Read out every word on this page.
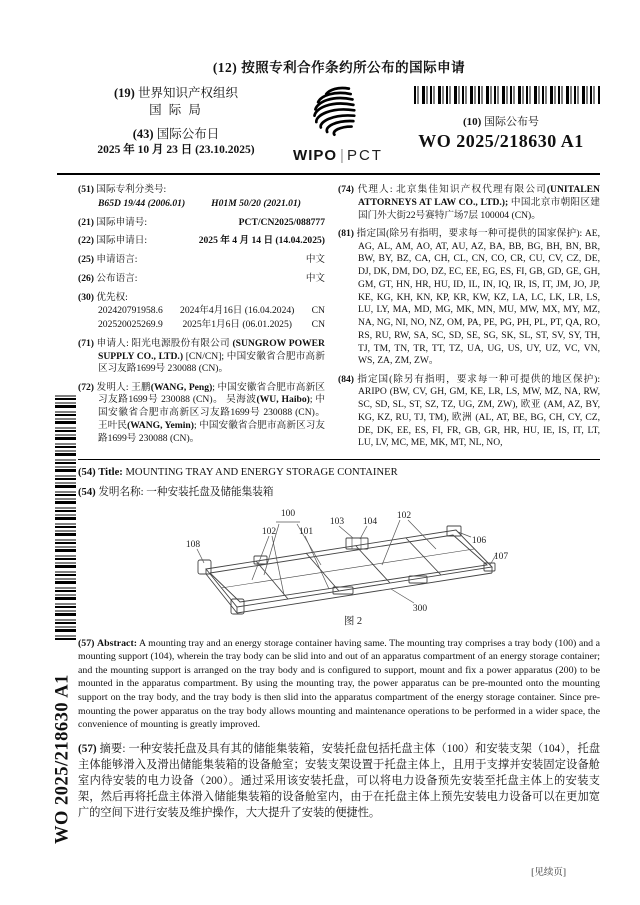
WO 2025/218630 A1
(12) 按照专利合作条约所公布的国际申请
(19) 世界知识产权组织
国 际 局
(43) 国际公布日
2025 年 10 月 23 日 (23.10.2025)	WIPO | PCT
(10) 国际公布号
WO 2025/218630 A1

(51) 国际专利分类号:

B65D 19/44 (2006.01)	H01M 50/20 (2021.01)

(21) 国际申请号:	PCT/CN2025/088777

(22) 国际申请日:	2025 年 4 月 14 日 (14.04.2025)

(25) 申请语言:	中文

(26) 公布语言:	中文

(30) 优先权:

202420791958.6 2024年4月16日 (16.04.2024) CN
202520025269.9 2025年1月6日 (06.01.2025) CN

(71) 申请人: 阳光电源股份有限公司 (SUNGROW POWER SUPPLY CO., LTD.) [CN/CN]; 中国安徽省合肥市高新区习友路1699号 230088 (CN)。

(72) 发明人: 王鹏(WANG, Peng); 中国安徽省合肥市高新区习友路1699号 230088 (CN)。 吴海波(WU, Haibo); 中国安徽省合肥市高新区习友路1699号 230088 (CN)。 王叶民(WANG, Yemin); 中国安徽省合肥市高新区习友路1699号 230088 (CN)。

(74) 代理人: 北京集佳知识产权代理有限公司(UNITALEN ATTORNEYS AT LAW CO., LTD.); 中国北京市朝阳区建国门外大街22号赛特广场7层 100004 (CN)。

(81) 指定国(除另有指明，要求每一种可提供的国家保护): AE, AG, AL, AM, AO, AT, AU, AZ, BA, BB, BG, BH, BN, BR, BW, BY, BZ, CA, CH, CL, CN, CO, CR, CU, CV, CZ, DE, DJ, DK, DM, DO, DZ, EC, EE, EG, ES, FI, GB, GD, GE, GH, GM, GT, HN, HR, HU, ID, IL, IN, IQ, IR, IS, IT, JM, JO, JP, KE, KG, KH, KN, KP, KR, KW, KZ, LA, LC, LK, LR, LS, LU, LY, MA, MD, MG, MK, MN, MU, MW, MX, MY, MZ, NA, NG, NI, NO, NZ, OM, PA, PE, PG, PH, PL, PT, QA, RO, RS, RU, RW, SA, SC, SD, SE, SG, SK, SL, ST, SV, SY, TH, TJ, TM, TN, TR, TT, TZ, UA, UG, US, UY, UZ, VC, VN, WS, ZA, ZM, ZW。

(84) 指定国(除另有指明，要求每一种可提供的地区保护): ARIPO (BW, CV, GH, GM, KE, LR, LS, MW, MZ, NA, RW, SC, SD, SL, ST, SZ, TZ, UG, ZM, ZW), 欧亚 (AM, AZ, BY, KG, KZ, RU, TJ, TM), 欧洲 (AL, AT, BE, BG, CH, CY, CZ, DE, DK, EE, ES, FI, FR, GB, GR, HR, HU, IE, IS, IT, LT, LU, LV, MC, ME, MK, MT, NL, NO,

(54) Title: MOUNTING TRAY AND ENERGY STORAGE CONTAINER

(54) 发明名称: 一种安装托盘及储能集装箱

100
102 101
103 104
102
106
108
107
300
图 2

(57) Abstract: A mounting tray and an energy storage container having same. The mounting tray comprises a tray body (100) and a mounting support (104), wherein the tray body can be slid into and out of an apparatus compartment of an energy storage container; and the mounting support is arranged on the tray body and is configured to support, mount and fix a power apparatus (200) to be mounted in the apparatus compartment. By using the mounting tray, the power apparatus can be pre-mounted onto the mounting support on the tray body, and the tray body is then slid into the apparatus compartment of the energy storage container. Since pre-mounting the power apparatus on the tray body allows mounting and maintenance operations to be performed in a wider space, the convenience of mounting is greatly improved.

(57) 摘要: 一种安装托盘及具有其的储能集装箱，安装托盘包括托盘主体（100）和安装支架（104），托盘主体能够滑入及滑出储能集装箱的设备舱室；安装支架设置于托盘主体上，且用于支撑并安装固定设备舱室内待安装的电力设备（200）。通过采用该安装托盘，可以将电力设备预先安装至托盘主体上的安装支架，然后再将托盘主体滑入储能集装箱的设备舱室内，由于在托盘主体上预先安装电力设备可以在更加宽广的空间下进行安装及维护操作，大大提升了安装的便捷性。

[见续页]
